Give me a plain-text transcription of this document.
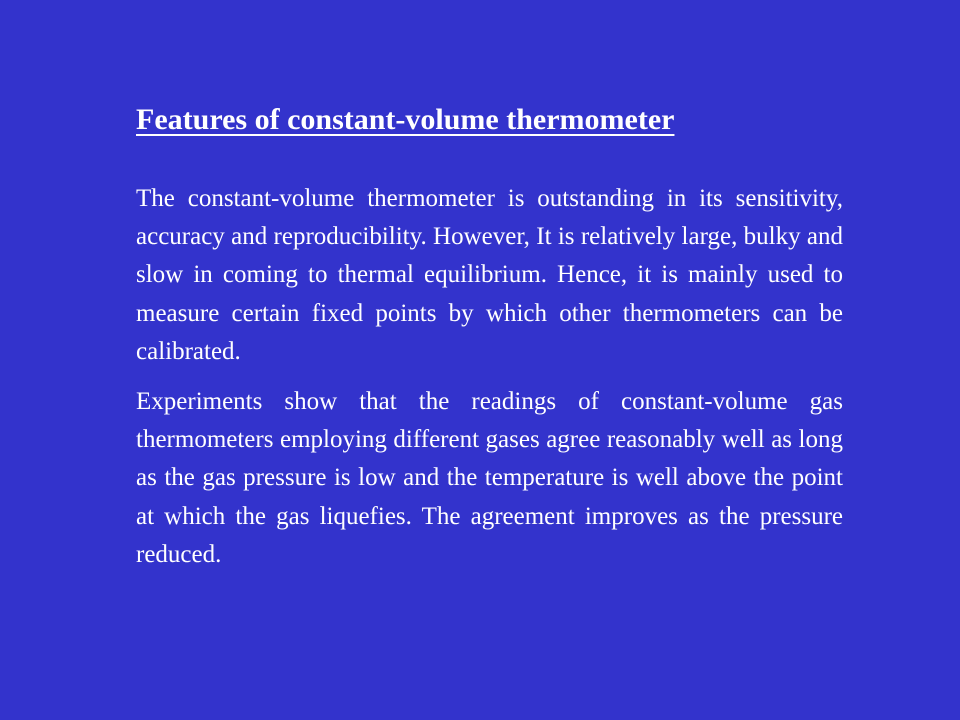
Features of constant-volume thermometer

The constant-volume thermometer is outstanding in its sensitivity, accuracy and reproducibility. However, It is relatively large, bulky and slow in coming to thermal equilibrium. Hence, it is mainly used to measure certain fixed points by which other thermometers can be calibrated.

Experiments show that the readings of constant-volume gas thermometers employing different gases agree reasonably well as long as the gas pressure is low and the temperature is well above the point at which the gas liquefies. The agreement improves as the pressure reduced.
